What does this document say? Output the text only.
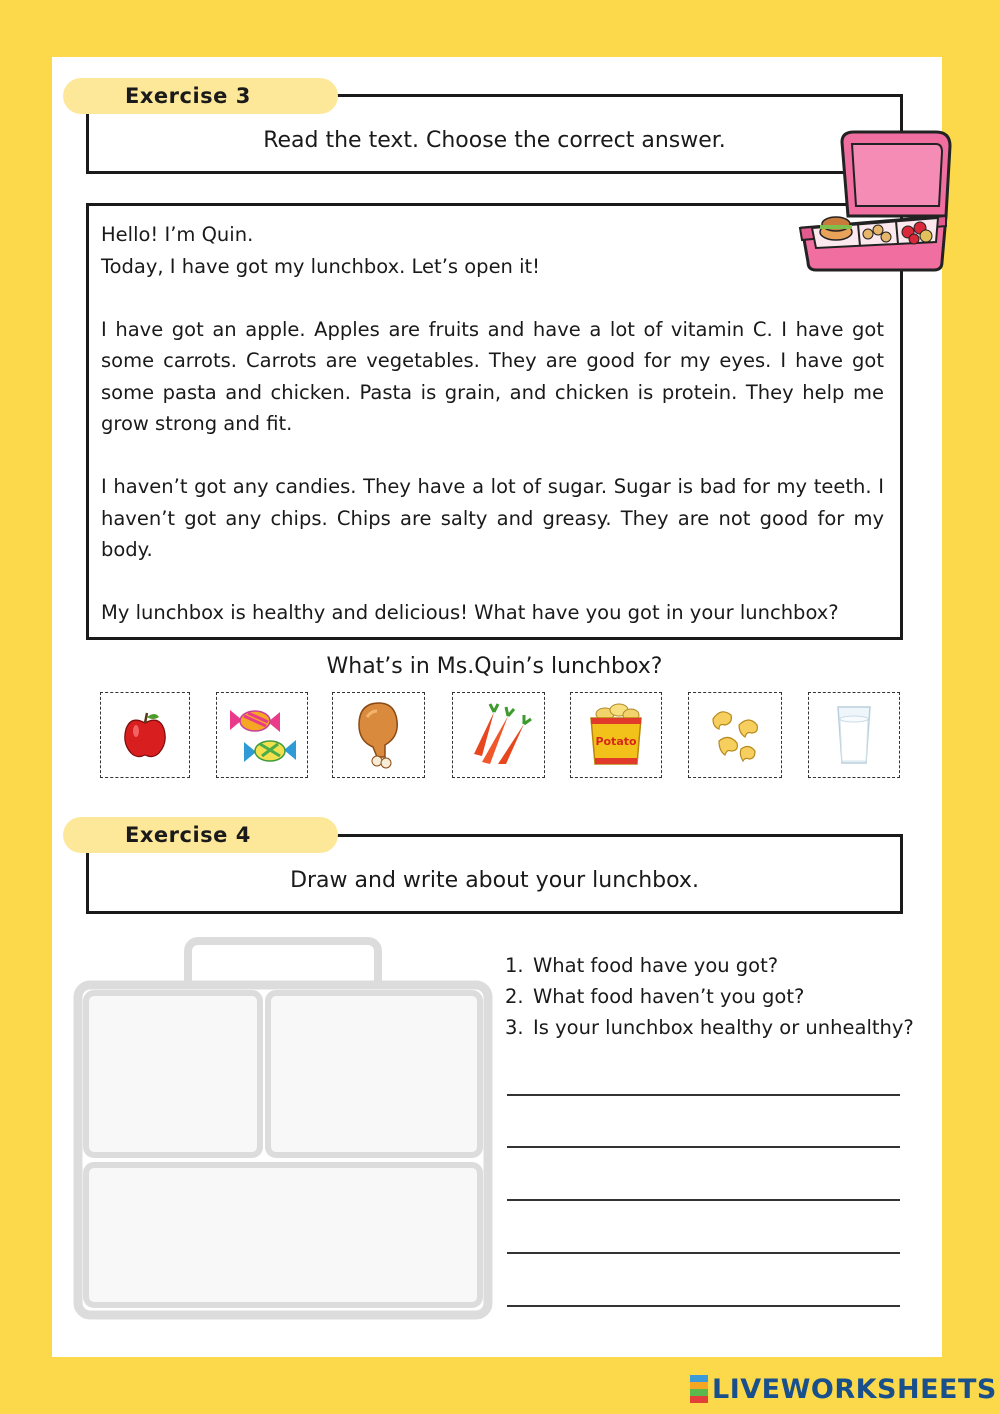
Exercise 3
Read the text. Choose the correct answer.

Hello! I’m Quin.

Today, I have got my lunchbox. Let’s open it!

I have got an apple. Apples are fruits and have a lot of vitamin C. I have got some carrots. Carrots are vegetables. They are good for my eyes. I have got some pasta and chicken. Pasta is grain, and chicken is protein. They help me grow strong and fit.

I haven’t got any candies. They have a lot of sugar. Sugar is bad for my teeth. I haven’t got any chips. Chips are salty and greasy. They are not good for my body.

My lunchbox is healthy and delicious! What have you got in your lunchbox?

What’s in Ms.Quin’s lunchbox?
Potato
Exercise 4
Draw and write about your lunchbox.
1. What food have you got?
2. What food haven’t you got?
3. Is your lunchbox healthy or unhealthy?
LIVEWORKSHEETS
